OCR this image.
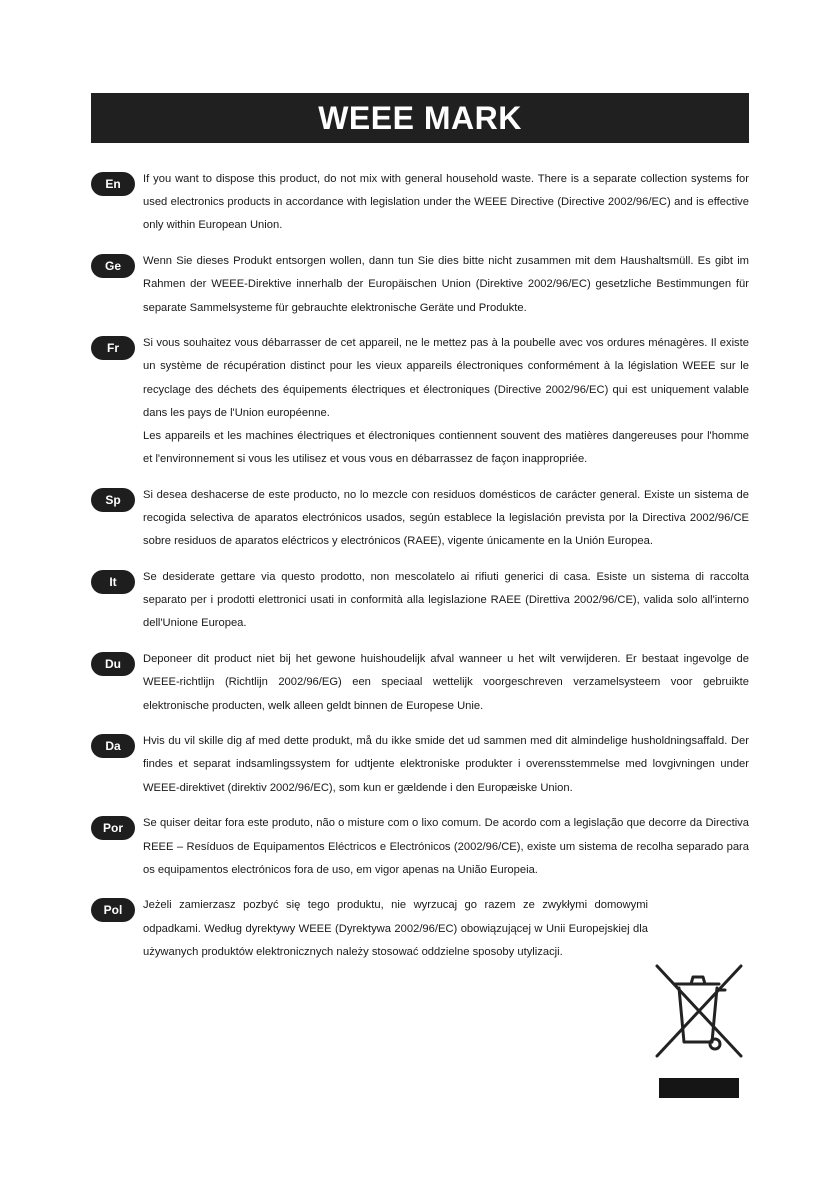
WEEE MARK
En	If you want to dispose this product, do not mix with general household waste. There is a separate collection systems for used electronics products in accordance with legislation under the WEEE Directive (Directive 2002/96/EC) and is effective only within European Union.

Ge	Wenn Sie dieses Produkt entsorgen wollen, dann tun Sie dies bitte nicht zusammen mit dem Haushaltsmüll. Es gibt im Rahmen der WEEE-Direktive innerhalb der Europäischen Union (Direktive 2002/96/EC) gesetzliche Bestimmungen für separate Sammelsysteme für gebrauchte elektronische Geräte und Produkte.

Fr	Si vous souhaitez vous débarrasser de cet appareil, ne le mettez pas à la poubelle avec vos ordures ménagères. Il existe un système de récupération distinct pour les vieux appareils électroniques conformément à la législation WEEE sur le recyclage des déchets des équipements électriques et électroniques (Directive 2002/96/EC) qui est uniquement valable dans les pays de l'Union européenne.

Les appareils et les machines électriques et électroniques contiennent souvent des matières dangereuses pour l'homme et l'environnement si vous les utilisez et vous vous en débarrassez de façon inappropriée.

Sp	Si desea deshacerse de este producto, no lo mezcle con residuos domésticos de carácter general. Existe un sistema de recogida selectiva de aparatos electrónicos usados, según establece la legislación prevista por la Directiva 2002/96/CE sobre residuos de aparatos eléctricos y electrónicos (RAEE), vigente únicamente en la Unión Europea.

It	Se desiderate gettare via questo prodotto, non mescolatelo ai rifiuti generici di casa. Esiste un sistema di raccolta separato per i prodotti elettronici usati in conformità alla legislazione RAEE (Direttiva 2002/96/CE), valida solo all'interno dell'Unione Europea.

Du	Deponeer dit product niet bij het gewone huishoudelijk afval wanneer u het wilt verwijderen. Er bestaat ingevolge de WEEE-richtlijn (Richtlijn 2002/96/EG) een speciaal wettelijk voorgeschreven verzamelsysteem voor gebruikte elektronische producten, welk alleen geldt binnen de Europese Unie.

Da	Hvis du vil skille dig af med dette produkt, må du ikke smide det ud sammen med dit almindelige husholdningsaffald. Der findes et separat indsamlingssystem for udtjente elektroniske produkter i overensstemmelse med lovgivningen under WEEE-direktivet (direktiv 2002/96/EC), som kun er gældende i den Europæiske Union.

Por	Se quiser deitar fora este produto, não o misture com o lixo comum. De acordo com a legislação que decorre da Directiva REEE – Resíduos de Equipamentos Eléctricos e Electrónicos (2002/96/CE), existe um sistema de recolha separado para os equipamentos electrónicos fora de uso, em vigor apenas na União Europeia.

Pol	Jeżeli zamierzasz pozbyć się tego produktu, nie wyrzucaj go razem ze zwykłymi domowymi odpadkami. Według dyrektywy WEEE (Dyrektywa 2002/96/EC) obowiązującej w Unii Europejskiej dla używanych produktów elektronicznych należy stosować oddzielne sposoby utylizacji.
